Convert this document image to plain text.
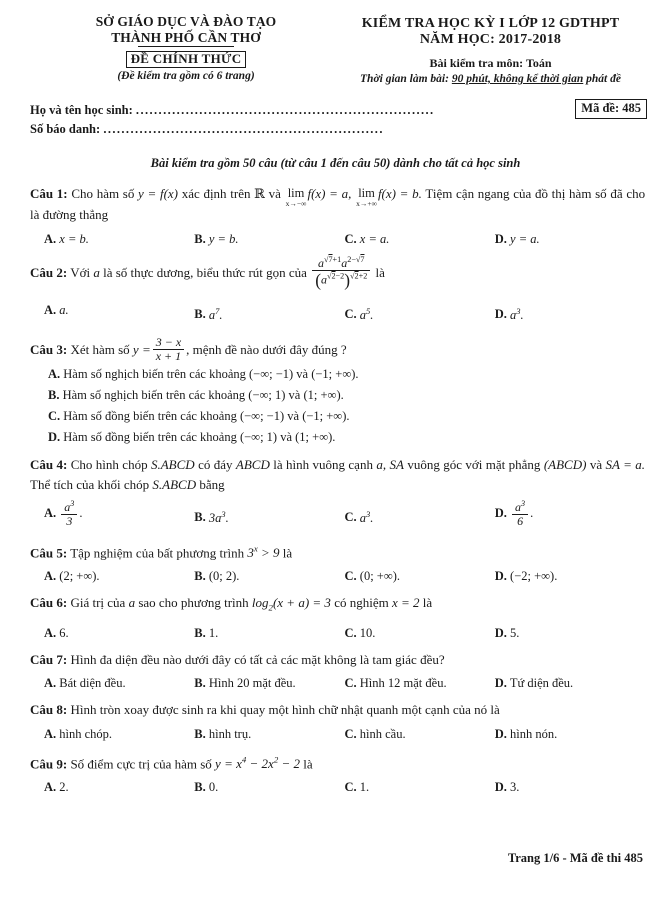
SỞ GIÁO DỤC VÀ ĐÀO TẠO
THÀNH PHỐ CẦN THƠ
ĐỀ CHÍNH THỨC
(Đề kiểm tra gồm có 6 trang)
KIỂM TRA HỌC KỲ I LỚP 12 GDTHPT
NĂM HỌC: 2017-2018
Bài kiểm tra môn: Toán
Thời gian làm bài: 90 phút, không kể thời gian phát đề
Họ và tên học sinh: ..................................................................
Số báo danh: ..............................................................
Mã đề: 485
Bài kiểm tra gồm 50 câu (từ câu 1 đến câu 50) dành cho tất cả học sinh
Câu 1: Cho hàm số y = f(x) xác định trên ℝ và lim
x→−∞
f(x) = a, lim
x→+∞
f(x) = b. Tiệm cận ngang của đồ thị hàm số đã cho là đường thẳng
A. x = b.	B. y = b.	C. x = a.	D. y = a.
Câu 2: Với a là số thực dương, biểu thức rút gọn của $\frac{a^{√7+1}a^{2-√7}}{(a^{√2-2})^{√2+2}}$ là
A. a.	B. $a^7$.	C. $a^5$.	D. $a^3$.
Câu 3: Xét hàm số $y = \frac{3 - x}{x + 1}$ , mệnh đề nào dưới đây đúng ?
A. Hàm số nghịch biến trên các khoảng (−∞; −1) và (−1; +∞).
B. Hàm số nghịch biến trên các khoảng (−∞; 1) và (1; +∞).
C. Hàm số đồng biến trên các khoảng (−∞; −1) và (−1; +∞).
D. Hàm số đồng biến trên các khoảng (−∞; 1) và (1; +∞).
Câu 4: Cho hình chóp S.ABCD có đáy ABCD là hình vuông cạnh a, SA vuông góc với mặt phẳng (ABCD) và SA = a. Thể tích của khối chóp S.ABCD bằng
A. $\frac{a^3}{3}$ .	B. $3a^3$.	C. $a^3$.	D. $\frac{a^3}{6}$ .
Câu 5: Tập nghiệm của bất phương trình $3^x > 9$ là
A. (2; +∞).	B. (0; 2).	C. (0; +∞).	D. (−2; +∞).
Câu 6: Giá trị của a sao cho phương trình $\log_2(x + a) = 3$ có nghiệm x = 2 là
A. 6.	B. 1.	C. 10.	D. 5.
Câu 7: Hình đa diện đều nào dưới đây có tất cả các mặt không là tam giác đều?
A. Bát diện đều.	B. Hình 20 mặt đều.	C. Hình 12 mặt đều.	D. Tứ diện đều.
Câu 8: Hình tròn xoay được sinh ra khi quay một hình chữ nhật quanh một cạnh của nó là
A. hình chóp.	B. hình trụ.	C. hình cầu.	D. hình nón.
Câu 9: Số điểm cực trị của hàm số $y = x^4 - 2x^2 - 2$ là
A. 2.	B. 0.	C. 1.	D. 3.
Trang 1/6 - Mã đề thi 485
